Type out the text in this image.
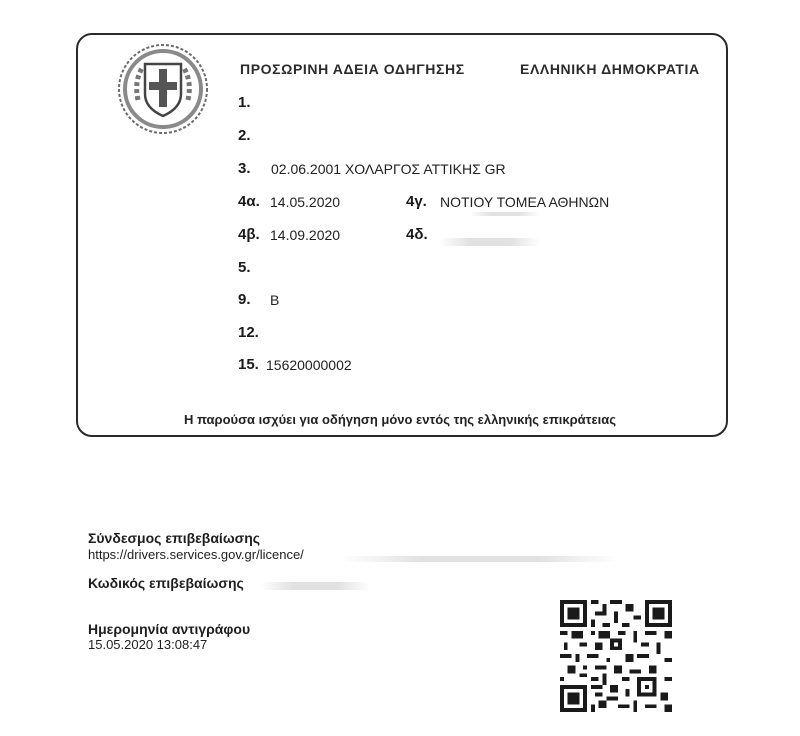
ΠΡΟΣΩΡΙΝΗ ΑΔΕΙΑ ΟΔΗΓΗΣΗΣ	ΕΛΛΗΝΙΚΗ ΔΗΜΟΚΡΑΤΙΑ
1.
2.
3. 02.06.2001 ΧΟΛΑΡΓΟΣ ΑΤΤΙΚΗΣ GR
4α. 14.05.2020	4γ. ΝΟΤΙΟΥ ΤΟΜΕΑ ΑΘΗΝΩΝ
4β. 14.09.2020	4δ.
5.
9. B
12.
15. 15620000002
Η παρούσα ισχύει για οδήγηση μόνο εντός της ελληνικής επικράτειας
Σύνδεσμος επιβεβαίωσης
https://drivers.services.gov.gr/licence/
Κωδικός επιβεβαίωσης
Ημερομηνία αντιγράφου
15.05.2020 13:08:47
